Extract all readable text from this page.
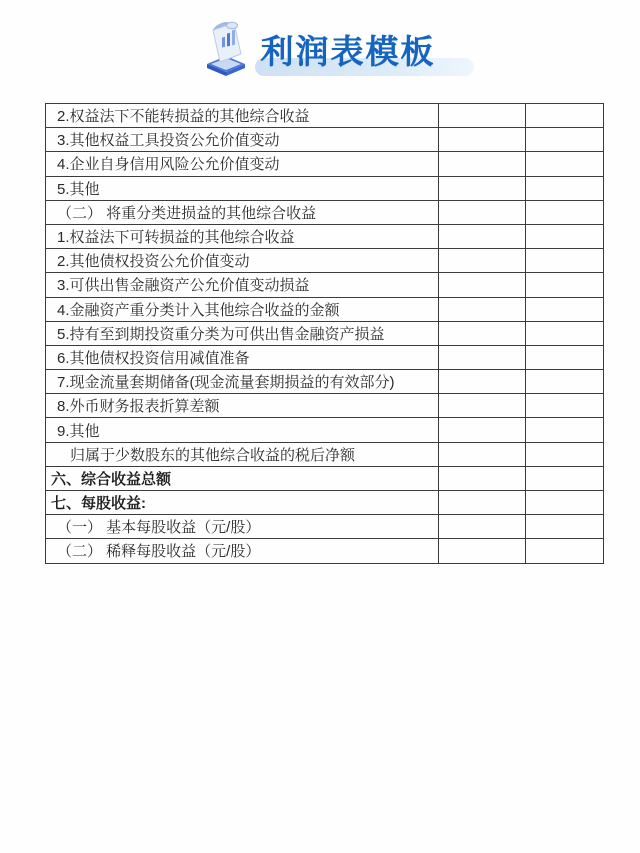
利润表模板
2.权益法下不能转损益的其他综合收益		
3.其他权益工具投资公允价值变动		
4.企业自身信用风险公允价值变动		
5.其他		
（二） 将重分类进损益的其他综合收益		
1.权益法下可转损益的其他综合收益		
2.其他债权投资公允价值变动		
3.可供出售金融资产公允价值变动损益		
4.金融资产重分类计入其他综合收益的金额		
5.持有至到期投资重分类为可供出售金融资产损益		
6.其他债权投资信用减值准备		
7.现金流量套期储备(现金流量套期损益的有效部分)		
8.外币财务报表折算差额		
9.其他		
归属于少数股东的其他综合收益的税后净额		
六、综合收益总额		
七、每股收益:		
（一） 基本每股收益（元/股）		
（二） 稀释每股收益（元/股）		
